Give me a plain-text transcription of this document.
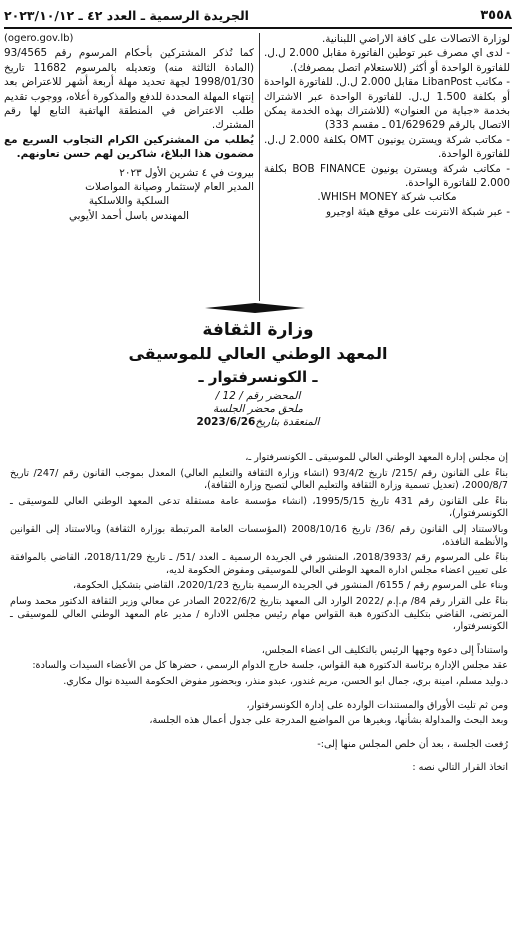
٣٥٥٨
الجريدة الرسمية ـ العدد ٤٢ ـ ٢٠٢٣/١٠/١٢

لوزارة الاتصالات على كافة الاراضي اللبنانية.

- لدى اي مصرف عبر توطين الفاتورة مقابل 2.000 ل.ل. للفاتورة الواحدة أو أكثر (للاستعلام اتصل بمصرفك).

- مكاتب LibanPost مقابل 2.000 ل.ل. للفاتورة الواحدة أو بكلفة 1.500 ل.ل. للفاتورة الواحدة عبر الاشتراك بخدمة «جباية من العنوان» (للاشتراك بهذه الخدمة يمكن الاتصال بالرقم 01/629629 ـ مقسم 333)

- مكاتب شركة ويسترن يونيون OMT بكلفة 2.000 ل.ل. للفاتورة الواحدة.

- مكاتب شركة ويسترن يونيون BOB FINANCE بكلفة 2.000 للفاتورة الواحدة.

مكاتب شركة WHISH MONEY.

- عبر شبكة الانترنت على موقع هيئة اوجيرو

(ogero.gov.lb)

كما نُذكر المشتركين بأحكام المرسوم رقم 93/4565 (المادة الثالثة منه) وتعديله بالمرسوم 11682 تاريخ 1998/01/30 لجهة تحديد مهلة أربعة أشهر للاعتراض بعد إنتهاء المهلة المحددة للدفع والمذكورة أعلاه، ووجوب تقديم طلب الاعتراض في المنطقة الهاتفية التابع لها رقم المشترك.

يُطلب من المشتركين الكرام التجاوب السريع مع مضمون هذا البلاغ، شاكرين لهم حسن تعاونهم.

بيروت في ٤ تشرين الأول ٢٠٢٣

المدير العام لإستثمار وصيانة المواصلات

السلكية واللاسلكية

المهندس باسل أحمد الأيوبي

وزارة الثقافة
المعهد الوطني العالي للموسيقى
ـ الكونسرفتوار ـ
المحضر رقم / 12 /
ملحق محضر الجلسة
المنعقدة بتاريخ2023/6/26

إن مجلس إدارة المعهد الوطني العالي للموسيقى ـ الكونسرفتوار ـ،

بناءً على القانون رقم /215/ تاريخ 93/4/2 (انشاء وزارة الثقافة والتعليم العالي) المعدل بموجب القانون رقم /247/ تاريخ 2000/8/7، (تعديل تسمية وزارة الثقافة والتعليم العالي لتصبح وزارة الثقافة)،

بناءً على القانون رقم 431 تاريخ 1995/5/15، (انشاء مؤسسة عامة مستقلة تدعى المعهد الوطني العالي للموسيقى ـ الكونسرفتوار)،

وبالاستناد إلى القانون رقم /36/ تاريخ 2008/10/16 (المؤسسات العامة المرتبطة بوزارة الثقافة) وبالاستناد إلى القوانين والأنظمة النافذة،

بناءً على المرسوم رقم /2018/3933، المنشور في الجريدة الرسمية ـ العدد /51/ ـ تاريخ 2018/11/29، القاضي بالموافقة على تعيين اعضاء مجلس ادارة المعهد الوطني العالي للموسيقى ومفوض الحكومة لديه،

وبناء على المرسوم رقم / 6155/ المنشور في الجريدة الرسمية بتاريخ 2020/1/23، القاضي بتشكيل الحكومة،

بناءً على القرار رقم 84/ م.إ.م /2022 الوارد الى المعهد بتاريخ 2022/6/2 الصادر عن معالي وزير الثقافة الدكتور محمد وسام المرتضى، القاضي بتكليف الدكتورة هبة القواس مهام رئيس مجلس الادارة / مدير عام المعهد الوطني العالي للموسيقى ـ الكونسرفتوار،

واستناداً إلى دعوة وجهها الرئيس بالتكليف الى اعضاء المجلس،

عقد مجلس الإدارة برئاسة الدكتورة هبة القواس، جلسة خارج الدوام الرسمي ، حضرها كل من الأعضاء السيدات والسادة:

د.وليد مسلم، امينة بري، جمال ابو الحسن، مريم غندور، عبدو منذر، وبحضور مفوض الحكومة السيدة نوال مكاري.

ومن ثم تليت الأوراق والمستندات الواردة على إدارة الكونسرفتوار،

وبعد البحث والمداولة بشأنها، وبغيرها من المواضيع المدرجة على جدول أعمال هذه الجلسة،

رُفعت الجلسة ، بعد أن خلص المجلس منها إلى:-

اتخاذ القرار التالي نصه :
